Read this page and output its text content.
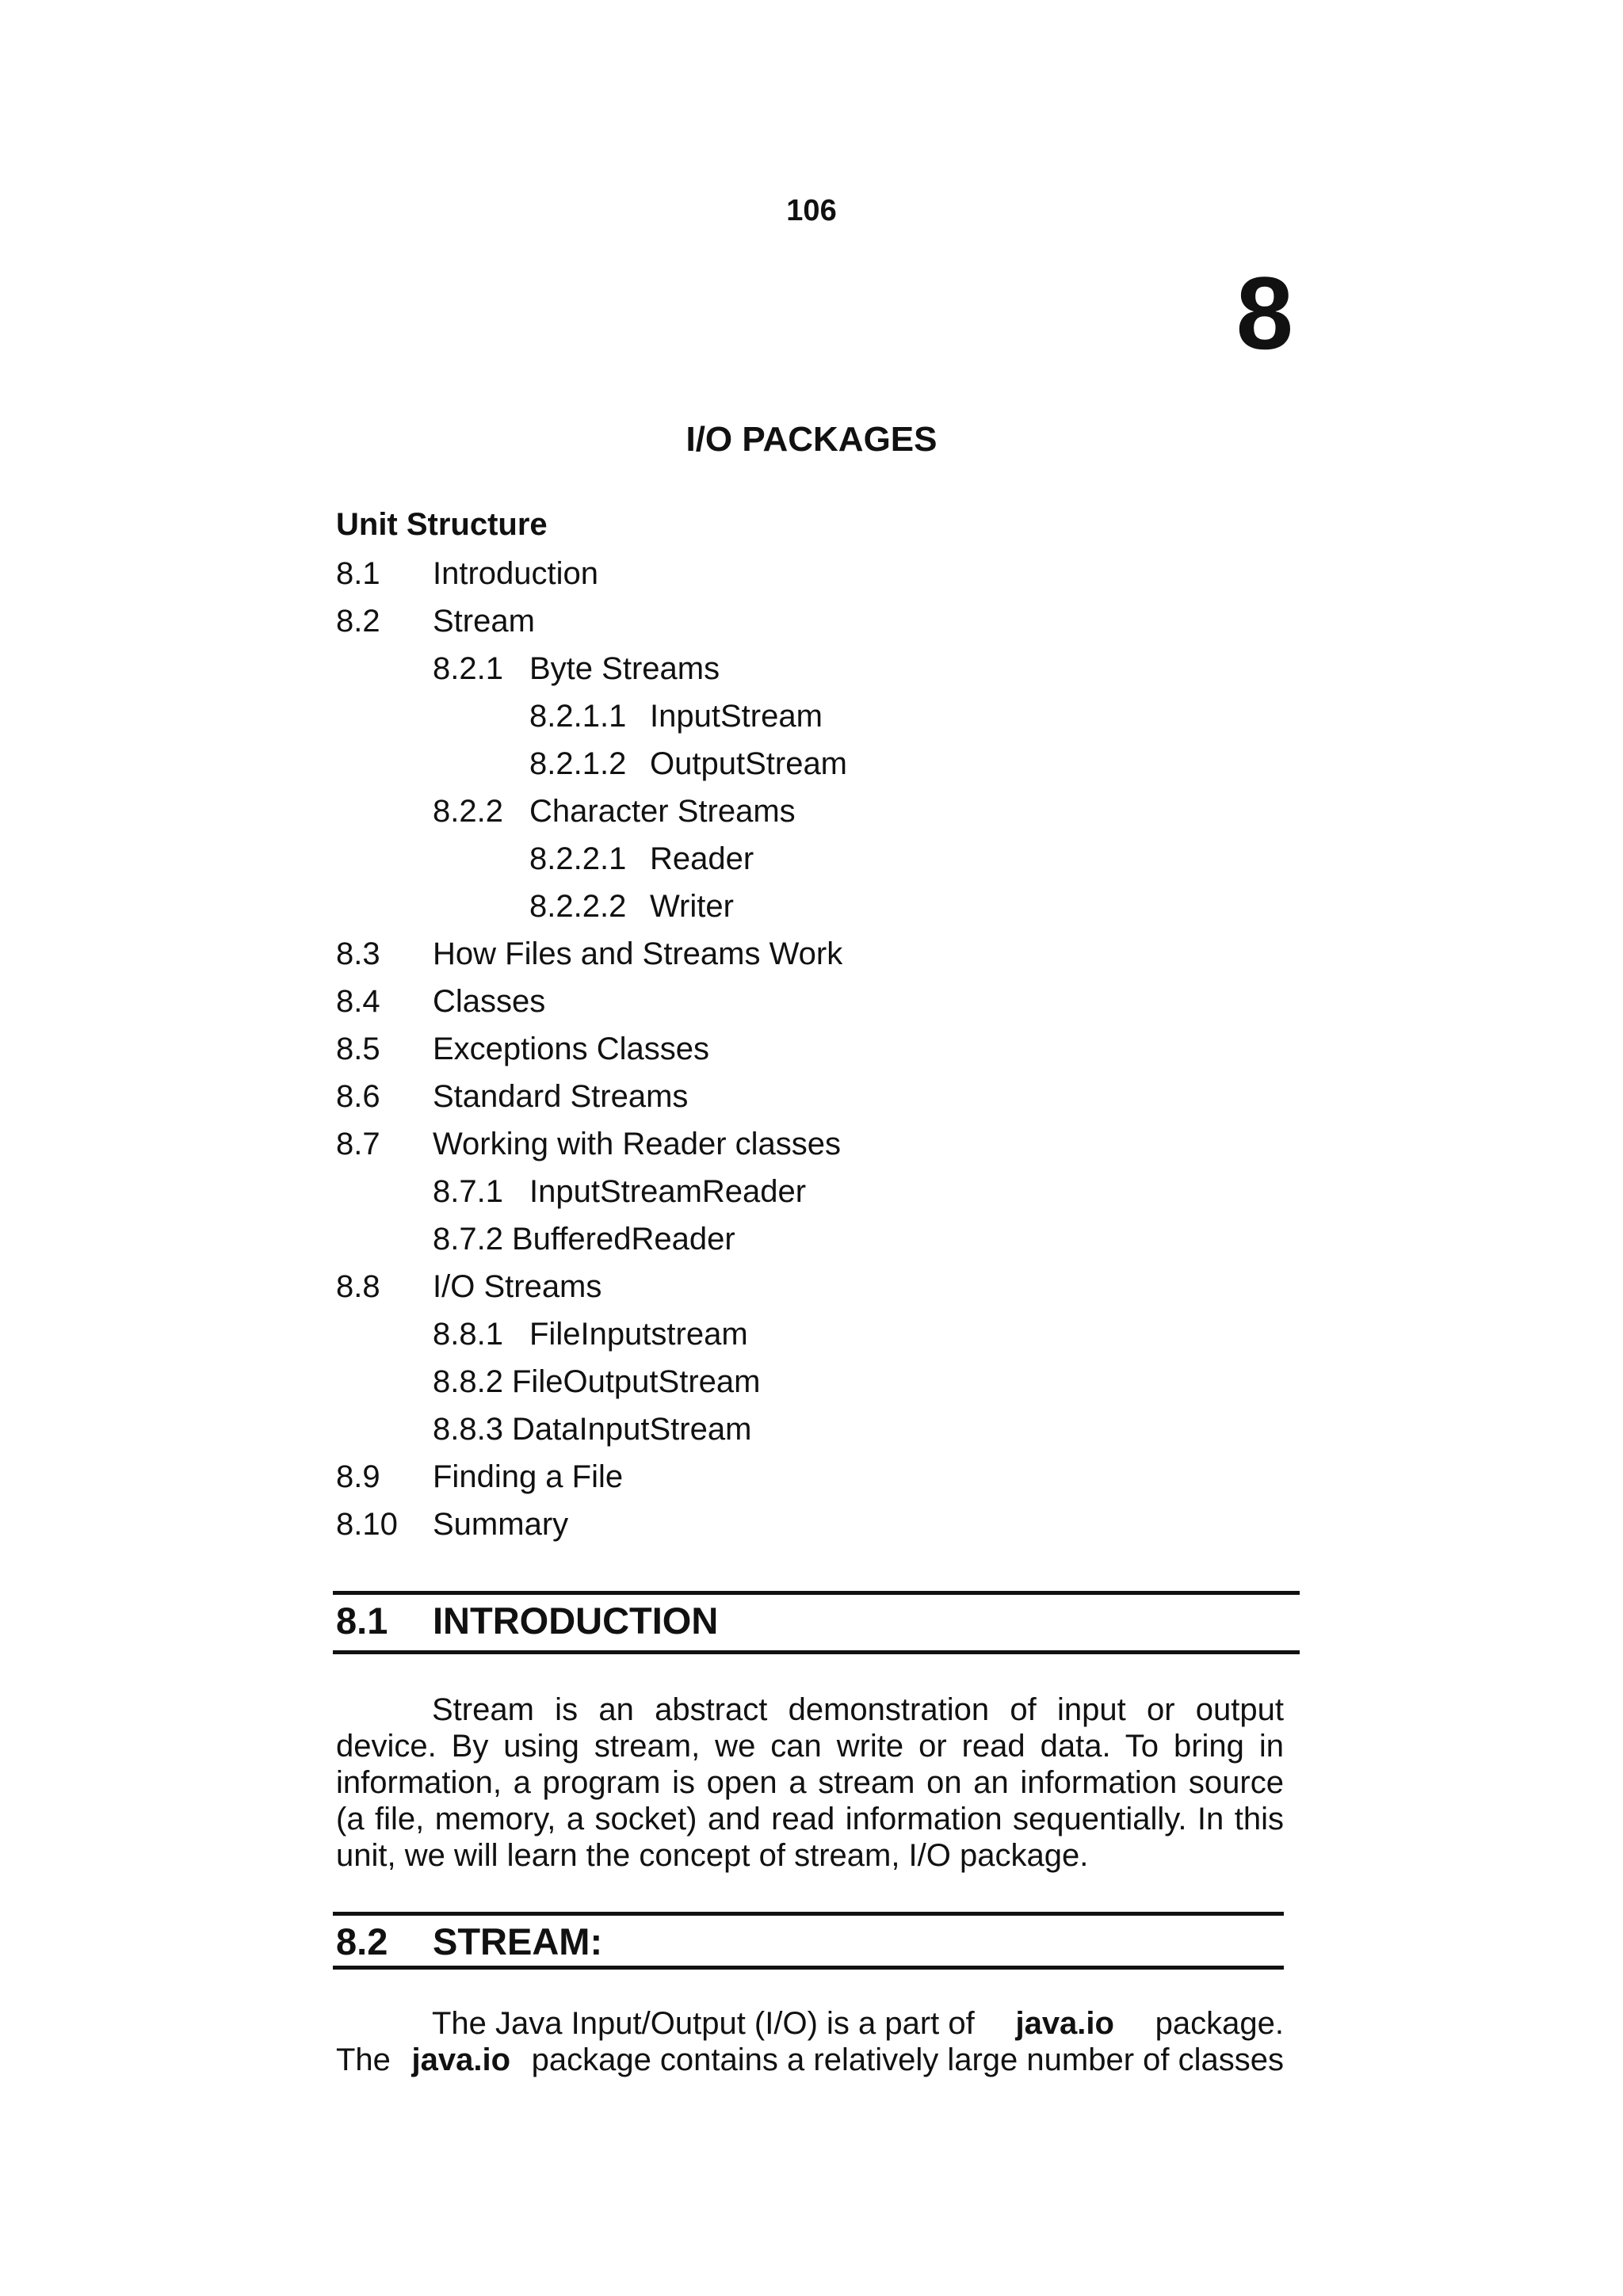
106
8
I/O PACKAGES
Unit Structure
8.1 Introduction
8.2 Stream
8.2.1 Byte Streams
8.2.1.1 InputStream
8.2.1.2 OutputStream
8.2.2 Character Streams
8.2.2.1 Reader
8.2.2.2 Writer
8.3 How Files and Streams Work
8.4 Classes
8.5 Exceptions Classes
8.6 Standard Streams
8.7 Working with Reader classes
8.7.1 InputStreamReader
8.7.2 BufferedReader
8.8 I/O Streams
8.8.1 FileInputstream
8.8.2 FileOutputStream
8.8.3 DataInputStream
8.9 Finding a File
8.10 Summary
8.1 INTRODUCTION
Stream is an abstract demonstration of input or output
device. By using stream, we can write or read data. To bring in
information, a program is open a stream on an information source
(a file, memory, a socket) and read information sequentially. In this
unit, we will learn the concept of stream, I/O package.
8.2 STREAM:
The Java Input/Output (I/O) is a part of java.io package.
The java.io package contains a relatively large number of classes
